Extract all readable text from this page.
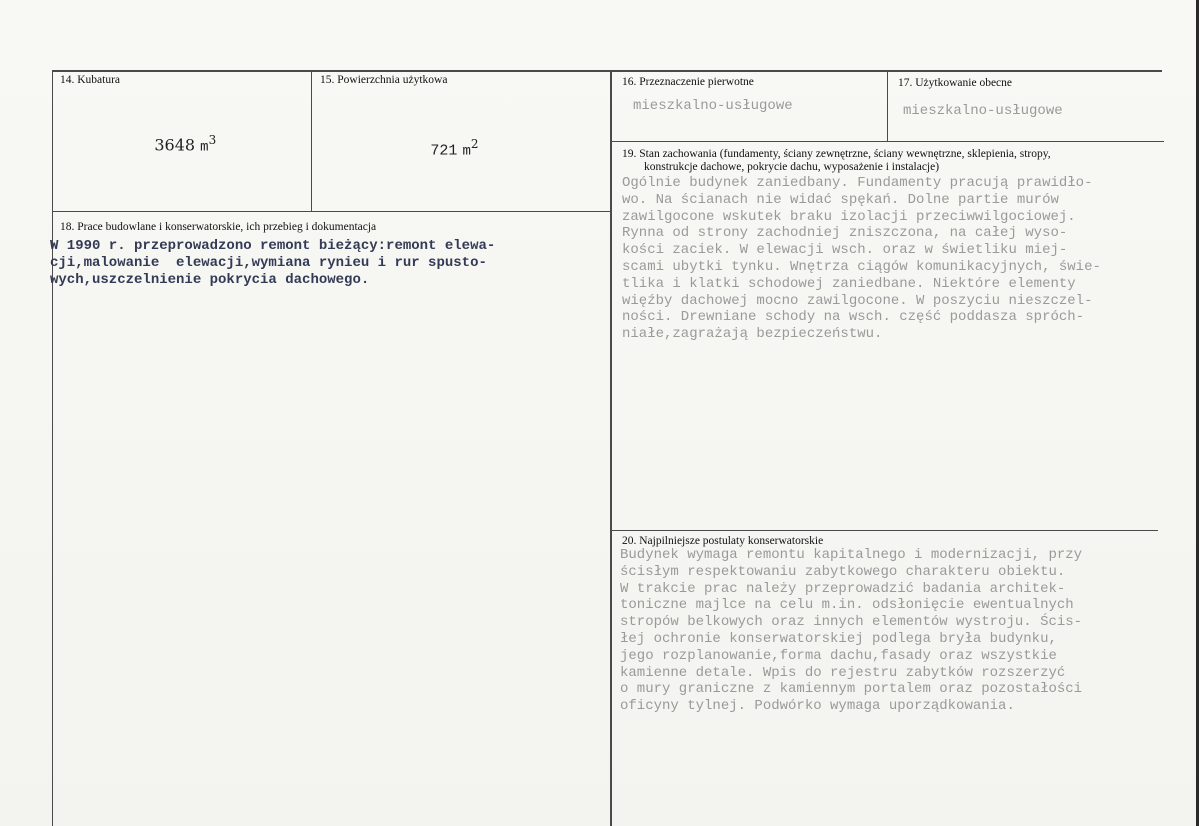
14. Kubatura

3648 $m^3$

15. Powierzchnia użytkowa

721 $m^2$

16. Przeznaczenie pierwotne
mieszkalno-usługowe
17. Użytkowanie obecne
mieszkalno-usługowe
18. Prace budowlane i konserwatorskie, ich przebieg i dokumentacja
W 1990 r. przeprowadzono remont bieżący:remont elewa-
cji,malowanie  elewacji,wymiana rynieu i rur spusto-
wych,uszczelnienie pokrycia dachowego.
19. Stan zachowania (fundamenty, ściany zewnętrzne, ściany wewnętrzne, sklepienia, stropy,
konstrukcje dachowe, pokrycie dachu, wyposażenie i instalacje)
Ogólnie budynek zaniedbany. Fundamenty pracują prawidło-
wo. Na ścianach nie widać spękań. Dolne partie murów
zawilgocone wskutek braku izolacji przeciwwilgociowej.
Rynna od strony zachodniej zniszczona, na całej wyso-
kości zaciek. W elewacji wsch. oraz w świetliku miej-
scami ubytki tynku. Wnętrza ciągów komunikacyjnych, świe-
tlika i klatki schodowej zaniedbane. Niektóre elementy
więźby dachowej mocno zawilgocone. W poszyciu nieszczel-
ności. Drewniane schody na wsch. część poddasza spróch-
niałe,zagrażają bezpieczeństwu.
20. Najpilniejsze postulaty konserwatorskie
Budynek wymaga remontu kapitalnego i modernizacji, przy
ścisłym respektowaniu zabytkowego charakteru obiektu.
W trakcie prac należy przeprowadzić badania architek-
toniczne majlce na celu m.in. odsłonięcie ewentualnych
stropów belkowych oraz innych elementów wystroju. Ścis-
łej ochronie konserwatorskiej podlega bryła budynku,
jego rozplanowanie,forma dachu,fasady oraz wszystkie
kamienne detale. Wpis do rejestru zabytków rozszerzyć
o mury graniczne z kamiennym portalem oraz pozostałości
oficyny tylnej. Podwórko wymaga uporządkowania.
